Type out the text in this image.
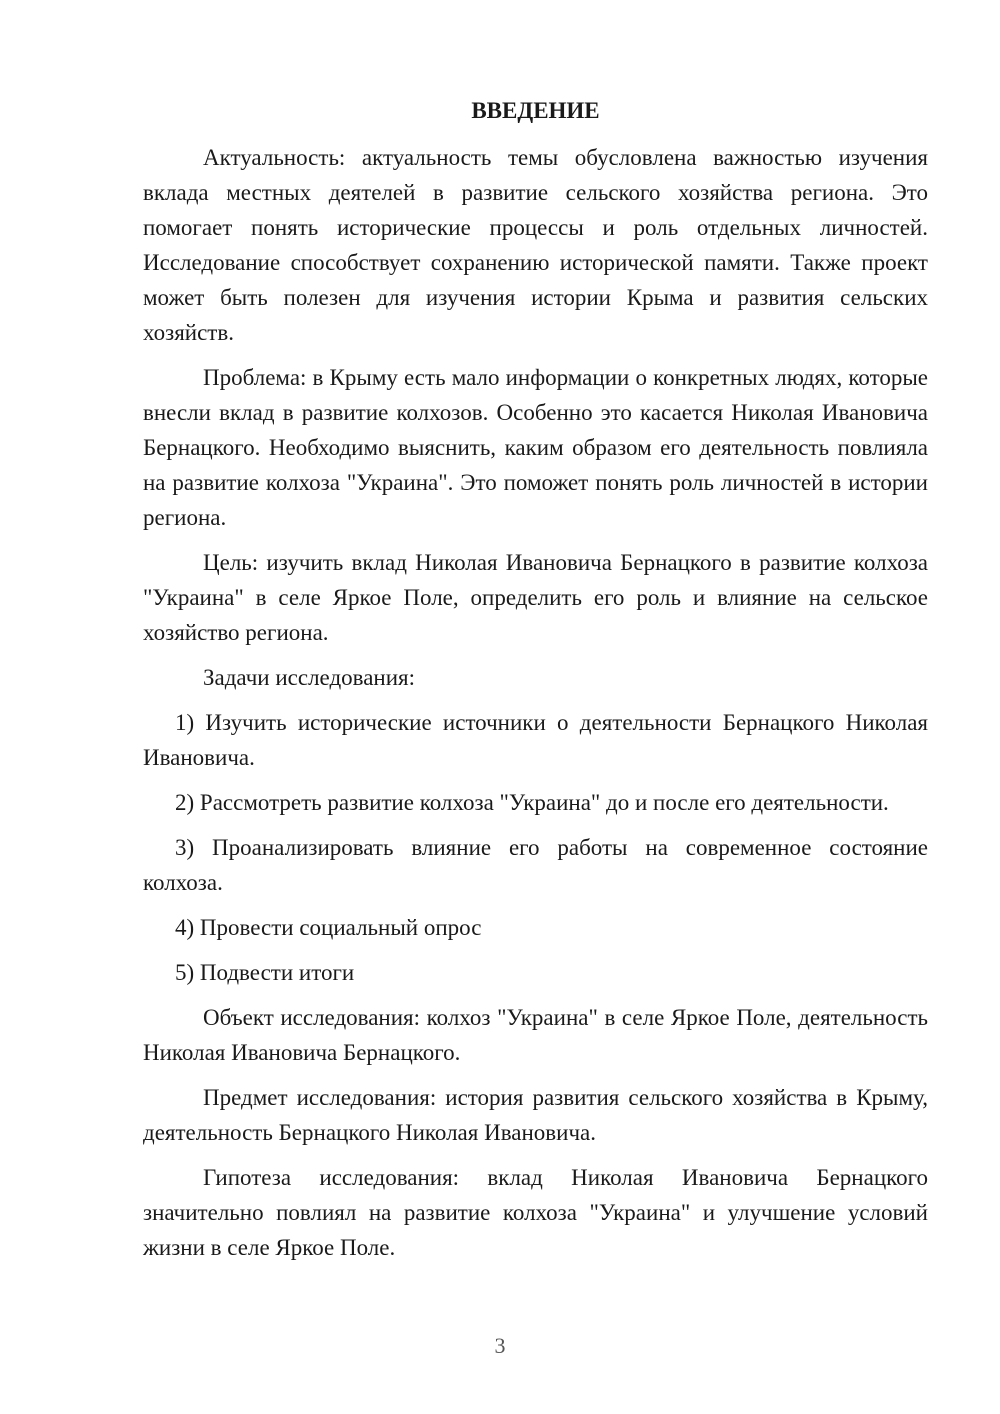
ВВЕДЕНИЕ

Актуальность: актуальность темы обусловлена важностью изучения вклада местных деятелей в развитие сельского хозяйства региона. Это помогает понять исторические процессы и роль отдельных личностей. Исследование способствует сохранению исторической памяти. Также проект может быть полезен для изучения истории Крыма и развития сельских хозяйств.

Проблема: в Крыму есть мало информации о конкретных людях, которые внесли вклад в развитие колхозов. Особенно это касается Николая Ивановича Бернацкого. Необходимо выяснить, каким образом его деятельность повлияла на развитие колхоза "Украина". Это поможет понять роль личностей в истории региона.

Цель: изучить вклад Николая Ивановича Бернацкого в развитие колхоза "Украина" в селе Яркое Поле, определить его роль и влияние на сельское хозяйство региона.

Задачи исследования:

1) Изучить исторические источники о деятельности Бернацкого Николая Ивановича.

2) Рассмотреть развитие колхоза "Украина" до и после его деятельности.

3) Проанализировать влияние его работы на современное состояние колхоза.

4) Провести социальный опрос

5) Подвести итоги

Объект исследования: колхоз "Украина" в селе Яркое Поле, деятельность Николая Ивановича Бернацкого.

Предмет исследования: история развития сельского хозяйства в Крыму, деятельность Бернацкого Николая Ивановича.

Гипотеза исследования: вклад Николая Ивановича Бернацкого значительно повлиял на развитие колхоза "Украина" и улучшение условий жизни в селе Яркое Поле.

3
